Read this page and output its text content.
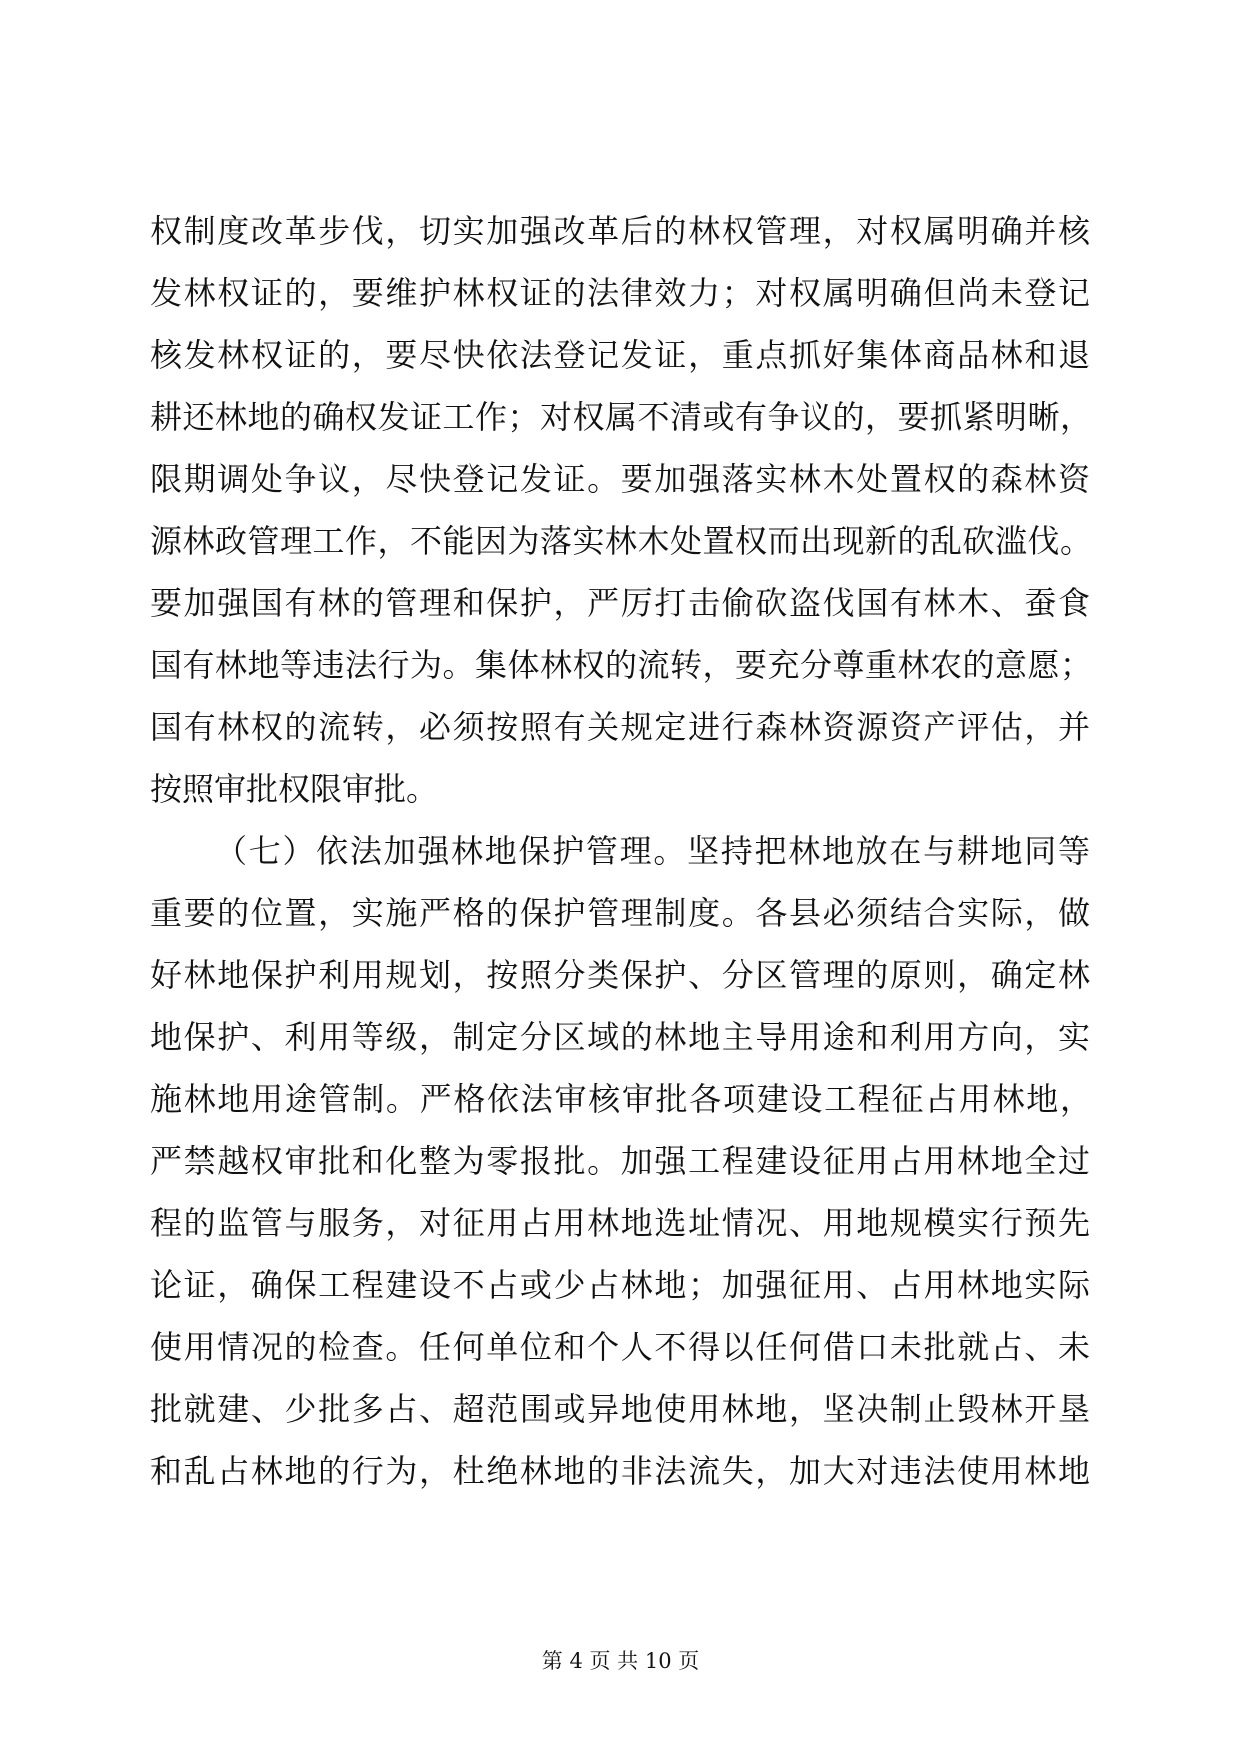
权制度改革步伐，切实加强改革后的林权管理，对权属明确并核
发林权证的，要维护林权证的法律效力；对权属明确但尚未登记
核发林权证的，要尽快依法登记发证，重点抓好集体商品林和退
耕还林地的确权发证工作；对权属不清或有争议的，要抓紧明晰，
限期调处争议，尽快登记发证。要加强落实林木处置权的森林资
源林政管理工作，不能因为落实林木处置权而出现新的乱砍滥伐。
要加强国有林的管理和保护，严厉打击偷砍盗伐国有林木、蚕食
国有林地等违法行为。集体林权的流转，要充分尊重林农的意愿；
国有林权的流转，必须按照有关规定进行森林资源资产评估，并
按照审批权限审批。
（七）依法加强林地保护管理。坚持把林地放在与耕地同等
重要的位置，实施严格的保护管理制度。各县必须结合实际，做
好林地保护利用规划，按照分类保护、分区管理的原则，确定林
地保护、利用等级，制定分区域的林地主导用途和利用方向，实
施林地用途管制。严格依法审核审批各项建设工程征占用林地，
严禁越权审批和化整为零报批。加强工程建设征用占用林地全过
程的监管与服务，对征用占用林地选址情况、用地规模实行预先
论证，确保工程建设不占或少占林地；加强征用、占用林地实际
使用情况的检查。任何单位和个人不得以任何借口未批就占、未
批就建、少批多占、超范围或异地使用林地，坚决制止毁林开垦
和乱占林地的行为，杜绝林地的非法流失，加大对违法使用林地
第 4 页 共 10 页
